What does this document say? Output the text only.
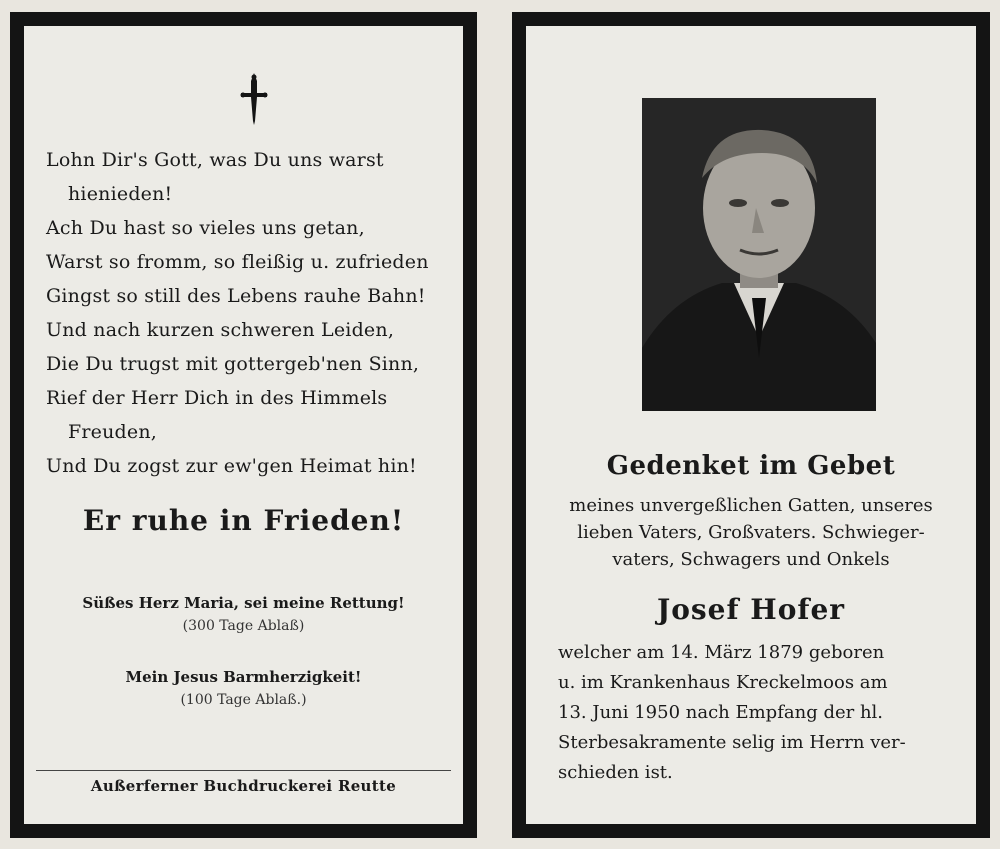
Lohn Dir's Gott, was Du uns warst
hienieden!
Ach Du hast so vieles uns getan,
Warst so fromm, so fleißig u. zufrieden
Gingst so still des Lebens rauhe Bahn!
Und nach kurzen schweren Leiden,
Die Du trugst mit gottergeb'nen Sinn,
Rief der Herr Dich in des Himmels
Freuden,
Und Du zogst zur ew'gen Heimat hin!
Er ruhe in Frieden!
Süßes Herz Maria, sei meine Rettung!
(300 Tage Ablaß)
Mein Jesus Barmherzigkeit!
(100 Tage Ablaß.)
Außerferner Buchdruckerei Reutte
Gedenket im Gebet
meines unvergeßlichen Gatten, unseres
lieben Vaters, Großvaters. Schwieger-
vaters, Schwagers und Onkels
Josef Hofer
welcher am 14. März 1879 geboren
u. im Krankenhaus Kreckelmoos am
13. Juni 1950 nach Empfang der hl.
Sterbesakramente selig im Herrn ver-
schieden ist.
